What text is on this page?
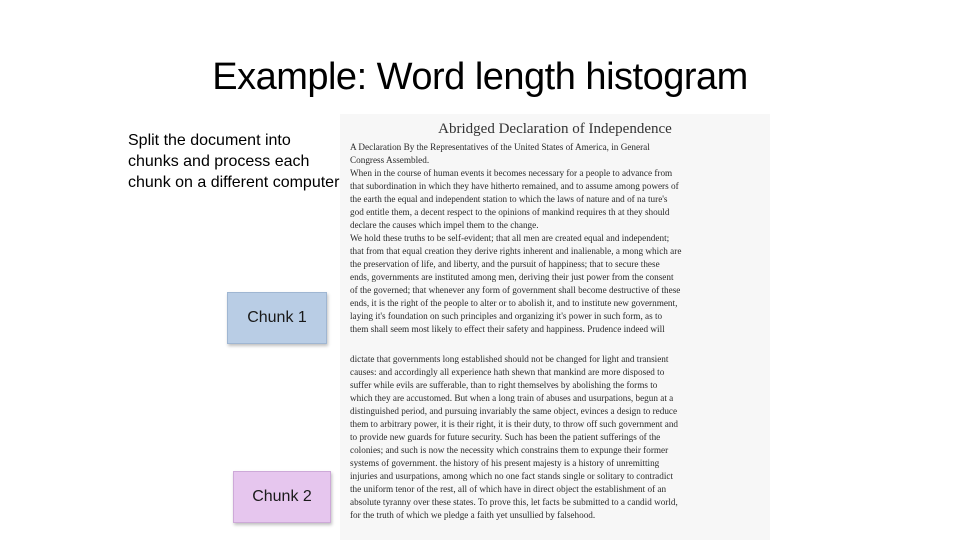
Example: Word length histogram
Split the document into chunks and process each chunk on a different computer
Chunk 1
Chunk 2
Abridged Declaration of Independence
A Declaration By the Representatives of the United States of America, in General
Congress Assembled.
When in the course of human events it becomes necessary for a people to advance from
that subordination in which they have hitherto remained, and to assume among powers of
the earth the equal and independent station to which the laws of nature and of na ture's
god entitle them, a decent respect to the opinions of mankind requires th at they should
declare the causes which impel them to the change.
We hold these truths to be self-evident; that all men are created equal and independent;
that from that equal creation they derive rights inherent and inalienable, a mong which are
the preservation of life, and liberty, and the pursuit of happiness; that to secure these
ends, governments are instituted among men, deriving their just power from the consent
of the governed; that whenever any form of government shall become destructive of these
ends, it is the right of the people to alter or to abolish it, and to institute new government,
laying it's foundation on such principles and organizing it's power in such form, as to
them shall seem most likely to effect their safety and happiness. Prudence indeed will
dictate that governments long established should not be changed for light and transient
causes: and accordingly all experience hath shewn that mankind are more disposed to
suffer while evils are sufferable, than to right themselves by abolishing the forms to
which they are accustomed. But when a long train of abuses and usurpations, begun at a
distinguished period, and pursuing invariably the same object, evinces a design to reduce
them to arbitrary power, it is their right, it is their duty, to throw off such government and
to provide new guards for future security. Such has been the patient sufferings of the
colonies; and such is now the necessity which constrains them to expunge their former
systems of government. the history of his present majesty is a history of unremitting
injuries and usurpations, among which no one fact stands single or solitary to contradict
the uniform tenor of the rest, all of which have in direct object the establishment of an
absolute tyranny over these states. To prove this, let facts be submitted to a candid world,
for the truth of which we pledge a faith yet unsullied by falsehood.
